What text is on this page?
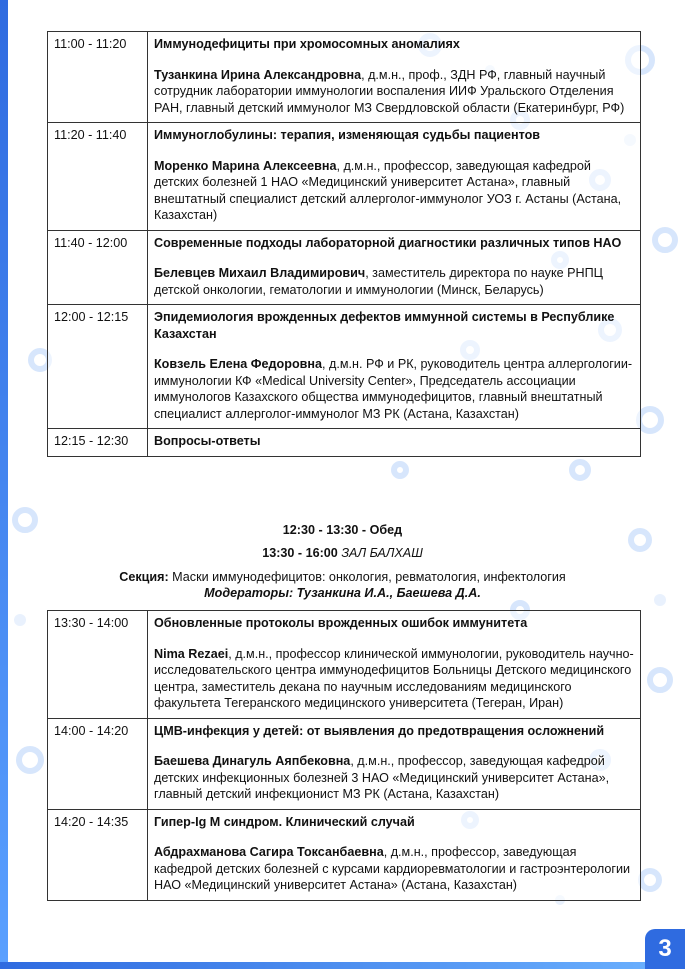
11:00 - 11:20	Иммунодефициты при хромосомных аномалиях
Тузанкина Ирина Александровна, д.м.н., проф., ЗДН РФ, главный научный сотрудник лаборатории иммунологии воспаления ИИФ Уральского Отделения РАН, главный детский иммунолог МЗ Свердловской области (Екатеринбург, РФ)

11:20 - 11:40	Иммуноглобулины: терапия, изменяющая судьбы пациентов
Моренко Марина Алексеевна, д.м.н., профессор, заведующая кафедрой детских болезней 1 НАО «Медицинский университет Астана», главный внештатный специалист детский аллерголог-иммунолог УОЗ г. Астаны (Астана, Казахстан)

11:40 - 12:00	Современные подходы лабораторной диагностики различных типов НАО
Белевцев Михаил Владимирович, заместитель директора по науке РНПЦ детской онкологии, гематологии и иммунологии (Минск, Беларусь)

12:00 - 12:15	Эпидемиология врожденных дефектов иммунной системы в Республике Казахстан
Ковзель Елена Федоровна, д.м.н. РФ и РК, руководитель центра аллергологии-иммунологии КФ «Medical University Center», Председатель ассоциации иммунологов Казахского общества иммунодефицитов, главный внештатный специалист аллерголог-иммунолог МЗ РК (Астана, Казахстан)

12:15 - 12:30	Вопросы-ответы
12:30 - 13:30 - Обед
13:30 - 16:00 ЗАЛ БАЛХАШ
Секция: Маски иммунодефицитов: онкология, ревматология, инфектология
Модераторы: Тузанкина И.А., Баешева Д.А.
13:30 - 14:00	Обновленные протоколы врожденных ошибок иммунитета
Nima Rezaei, д.м.н., профессор клинической иммунологии, руководитель научно-исследовательского центра иммунодефицитов Больницы Детского медицинского центра, заместитель декана по научным исследованиям медицинского факультета Тегеранского медицинского университета (Тегеран, Иран)

14:00 - 14:20	ЦМВ-инфекция у детей: от выявления до предотвращения осложнений
Баешева Динагуль Аяпбековна, д.м.н., профессор, заведующая кафедрой детских инфекционных болезней 3 НАО «Медицинский университет Астана», главный детский инфекционист МЗ РК (Астана, Казахстан)

14:20 - 14:35	Гипер-Ig M синдром. Клинический случай
Абдрахманова Сагира Токсанбаевна, д.м.н., профессор, заведующая кафедрой детских болезней с курсами кардиоревматологии и гастроэнтерологии НАО «Медицинский университет Астана» (Астана, Казахстан)
3
